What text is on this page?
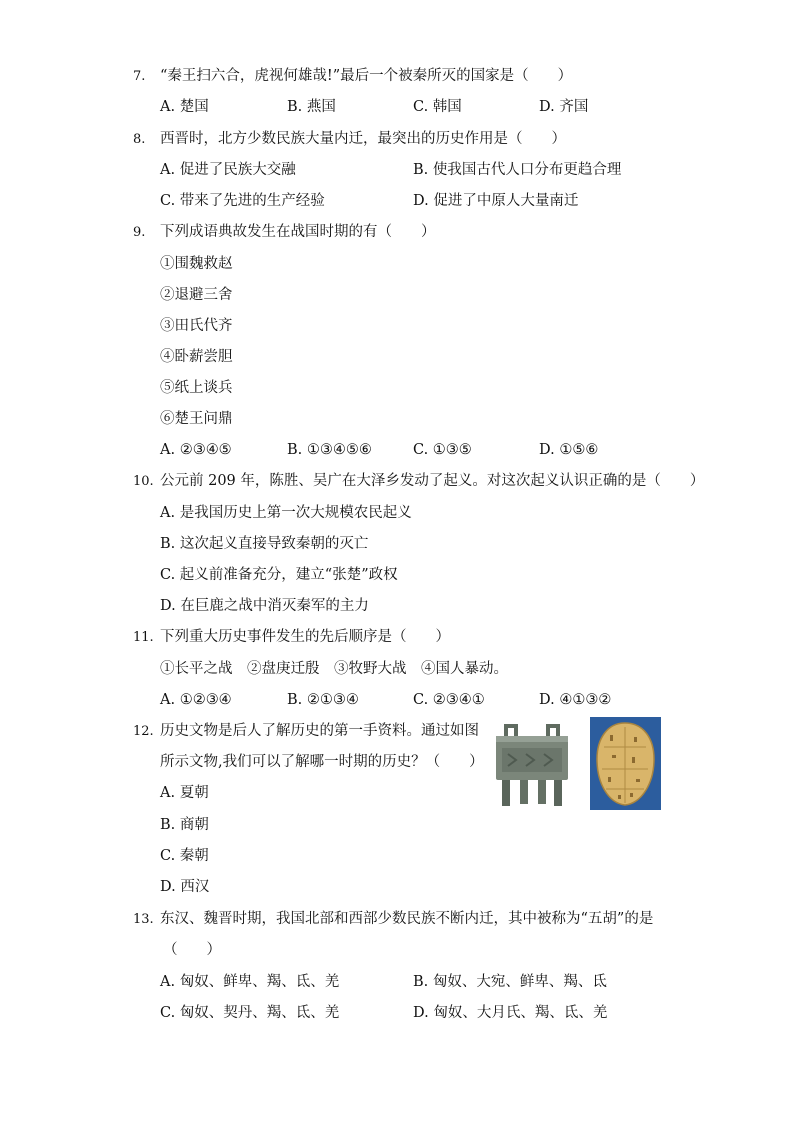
7. “秦王扫六合，虎视何雄哉!”最后一个被秦所灭的国家是（　　）
A. 楚国	B. 燕国	C. 韩国	D. 齐国
8. 西晋时，北方少数民族大量内迁，最突出的历史作用是（　　）
A. 促进了民族大交融	B. 使我国古代人口分布更趋合理
C. 带来了先进的生产经验	D. 促进了中原人大量南迁
9. 下列成语典故发生在战国时期的有（　　）
①围魏救赵
②退避三舍
③田氏代齐
④卧薪尝胆
⑤纸上谈兵
⑥楚王问鼎
A. ②③④⑤	B. ①③④⑤⑥	C. ①③⑤	D. ①⑤⑥
10. 公元前 209 年，陈胜、吴广在大泽乡发动了起义。对这次起义认识正确的是（　　）
A. 是我国历史上第一次大规模农民起义
B. 这次起义直接导致秦朝的灭亡
C. 起义前准备充分，建立“张楚”政权
D. 在巨鹿之战中消灭秦军的主力
11. 下列重大历史事件发生的先后顺序是（　　）
①长平之战　②盘庚迁殷　③牧野大战　④国人暴动。
A. ①②③④	B. ②①③④	C. ②③④①	D. ④①③②
12. 历史文物是后人了解历史的第一手资料。通过如图
所示文物,我们可以了解哪一时期的历史？（　　）
A. 夏朝
B. 商朝
C. 秦朝
D. 西汉
13. 东汉、魏晋时期，我国北部和西部少数民族不断内迁，其中被称为“五胡”的是
（　　）
A. 匈奴、鲜卑、羯、氐、羌	B. 匈奴、大宛、鲜卑、羯、氐
C. 匈奴、契丹、羯、氐、羌	D. 匈奴、大月氏、羯、氐、羌
